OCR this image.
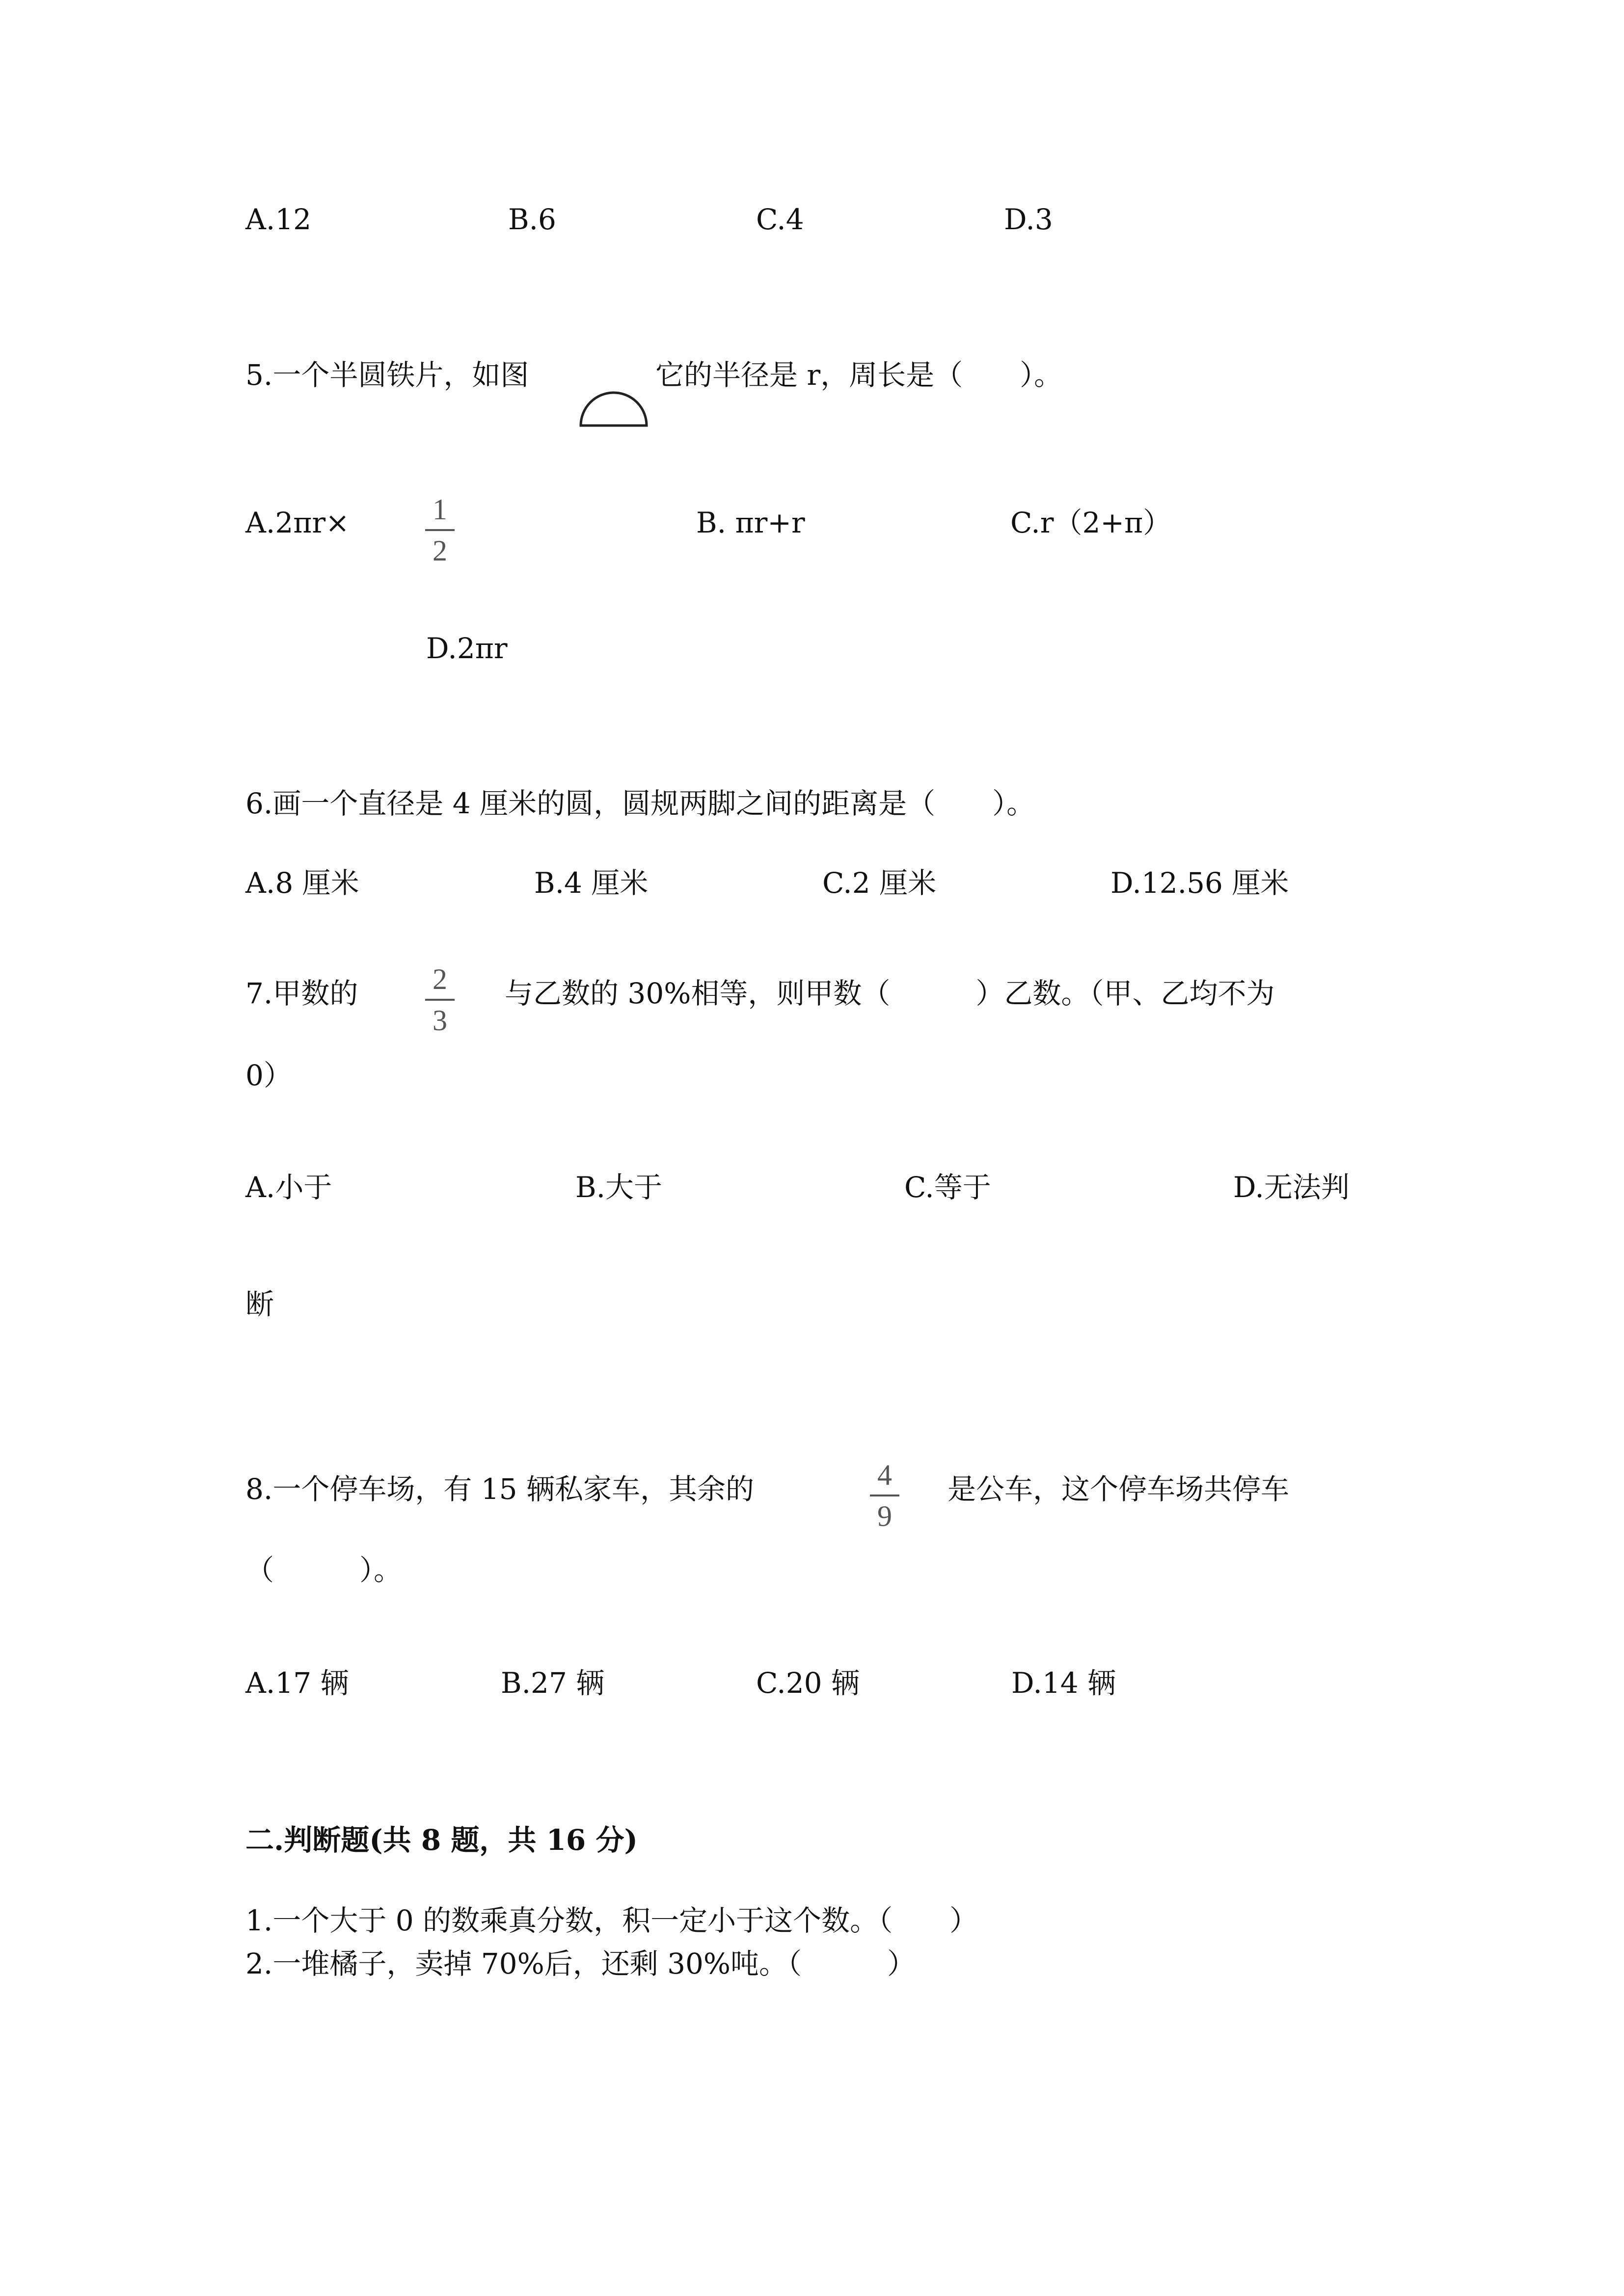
A.12	B.6	C.4	D.3
5.一个半圆铁片，如图	它的半径是 r，周长是（　　）。
A.2πr×	1
2
B. πr+r	C.r（2+π）
D.2πr
6.画一个直径是 4 厘米的圆，圆规两脚之间的距离是（　　）。
A.8 厘米	B.4 厘米	C.2 厘米	D.12.56 厘米
7.甲数的	2
3
与乙数的 30%相等，则甲数（　　　）乙数。（甲、乙均不为
0）
A.小于	B.大于	C.等于	D.无法判
断
8.一个停车场，有 15 辆私家车，其余的	4
9
是公车，这个停车场共停车
（　　　）。
A.17 辆	B.27 辆	C.20 辆	D.14 辆
二.判断题(共 8 题，共 16 分)
1.一个大于 0 的数乘真分数，积一定小于这个数。（　　）
2.一堆橘子，卖掉 70%后，还剩 30%吨。（　　　）
